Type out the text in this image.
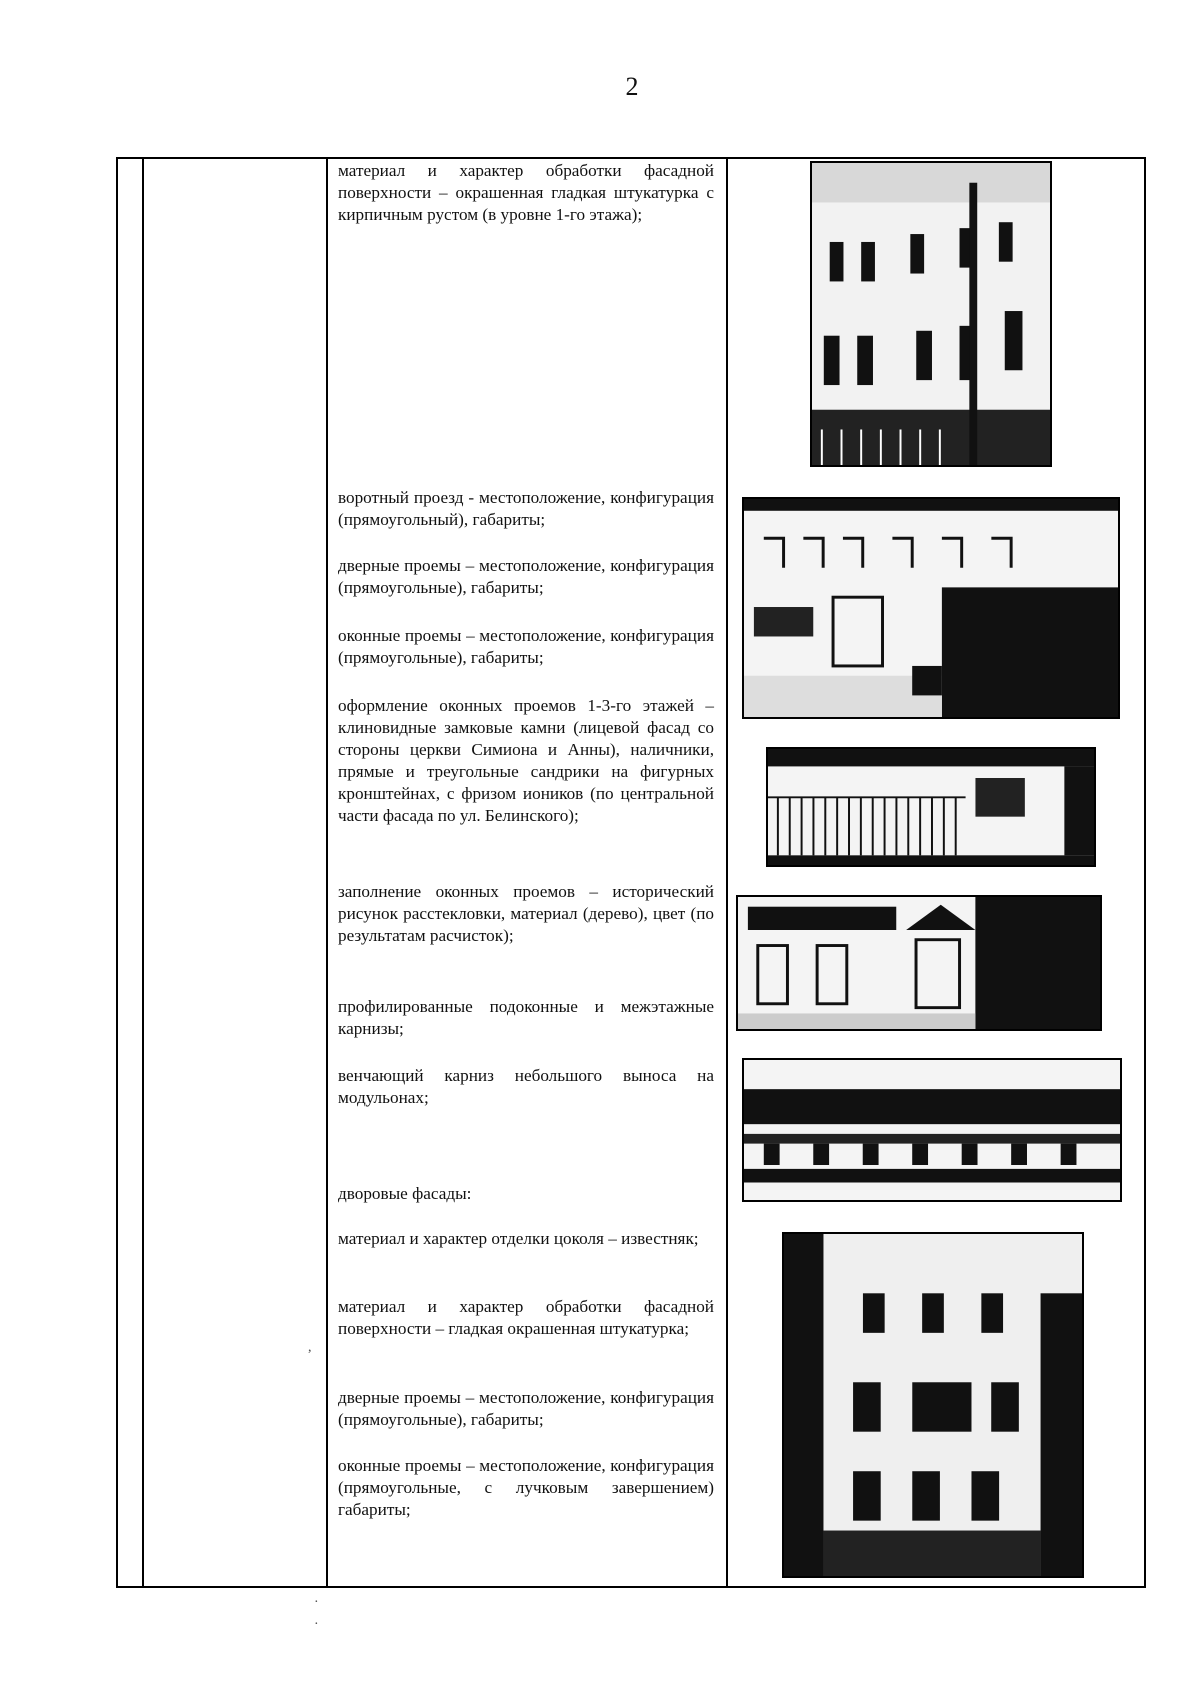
2
материал и характер обработки фасадной поверхности – окрашенная гладкая штукатурка с кирпичным рустом (в уровне 1-го этажа);
воротный проезд - местоположение, конфигурация (прямоугольный), габариты;
дверные проемы – местоположение, конфигурация (прямоугольные), габариты;
оконные проемы – местоположение, конфигурация (прямоугольные), габариты;
оформление оконных проемов 1-3-го этажей – клиновидные замковые камни (лицевой фасад со стороны церкви Симиона и Анны), наличники, прямые и треугольные сандрики на фигурных кронштейнах, с фризом иоников (по центральной части фасада по ул. Белинского);
заполнение оконных проемов – исторический рисунок расстекловки, материал (дерево), цвет (по результатам расчисток);
профилированные подоконные и межэтажные карнизы;
венчающий карниз небольшого выноса на модульонах;
дворовые фасады:
материал и характер отделки цоколя – известняк;
материал и характер обработки фасадной поверхности – гладкая окрашенная штукатурка;
дверные проемы – местоположение, конфигурация (прямоугольные), габариты;
оконные проемы – местоположение, конфигурация (прямоугольные, с лучковым завершением) габариты;
,
·
·
